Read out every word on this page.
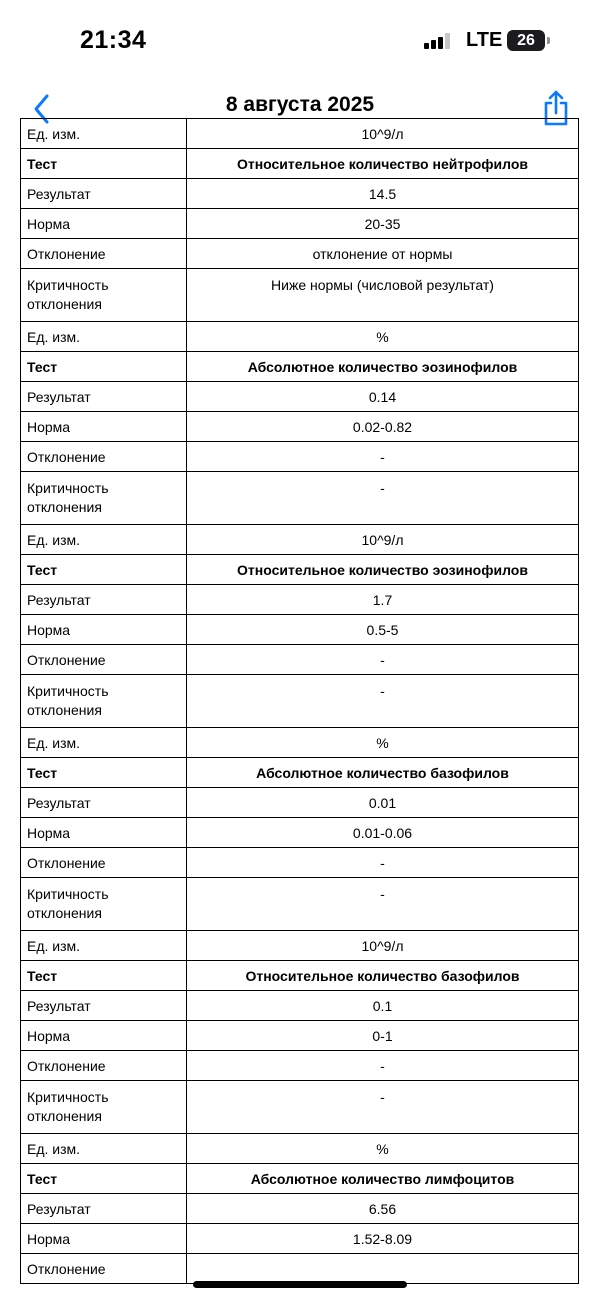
21:34	LTE 26
8 августа 2025
Ед. изм.	10^9/л
Тест	Относительное количество нейтрофилов
Результат	14.5
Норма	20-35
Отклонение	отклонение от нормы
Критичность отклонения	Ниже нормы (числовой результат)
Ед. изм.	%
Тест	Абсолютное количество эозинофилов
Результат	0.14
Норма	0.02-0.82
Отклонение	-
Критичность отклонения	-
Ед. изм.	10^9/л
Тест	Относительное количество эозинофилов
Результат	1.7
Норма	0.5-5
Отклонение	-
Критичность отклонения	-
Ед. изм.	%
Тест	Абсолютное количество базофилов
Результат	0.01
Норма	0.01-0.06
Отклонение	-
Критичность отклонения	-
Ед. изм.	10^9/л
Тест	Относительное количество базофилов
Результат	0.1
Норма	0-1
Отклонение	-
Критичность отклонения	-
Ед. изм.	%
Тест	Абсолютное количество лимфоцитов
Результат	6.56
Норма	1.52-8.09
Отклонение	
